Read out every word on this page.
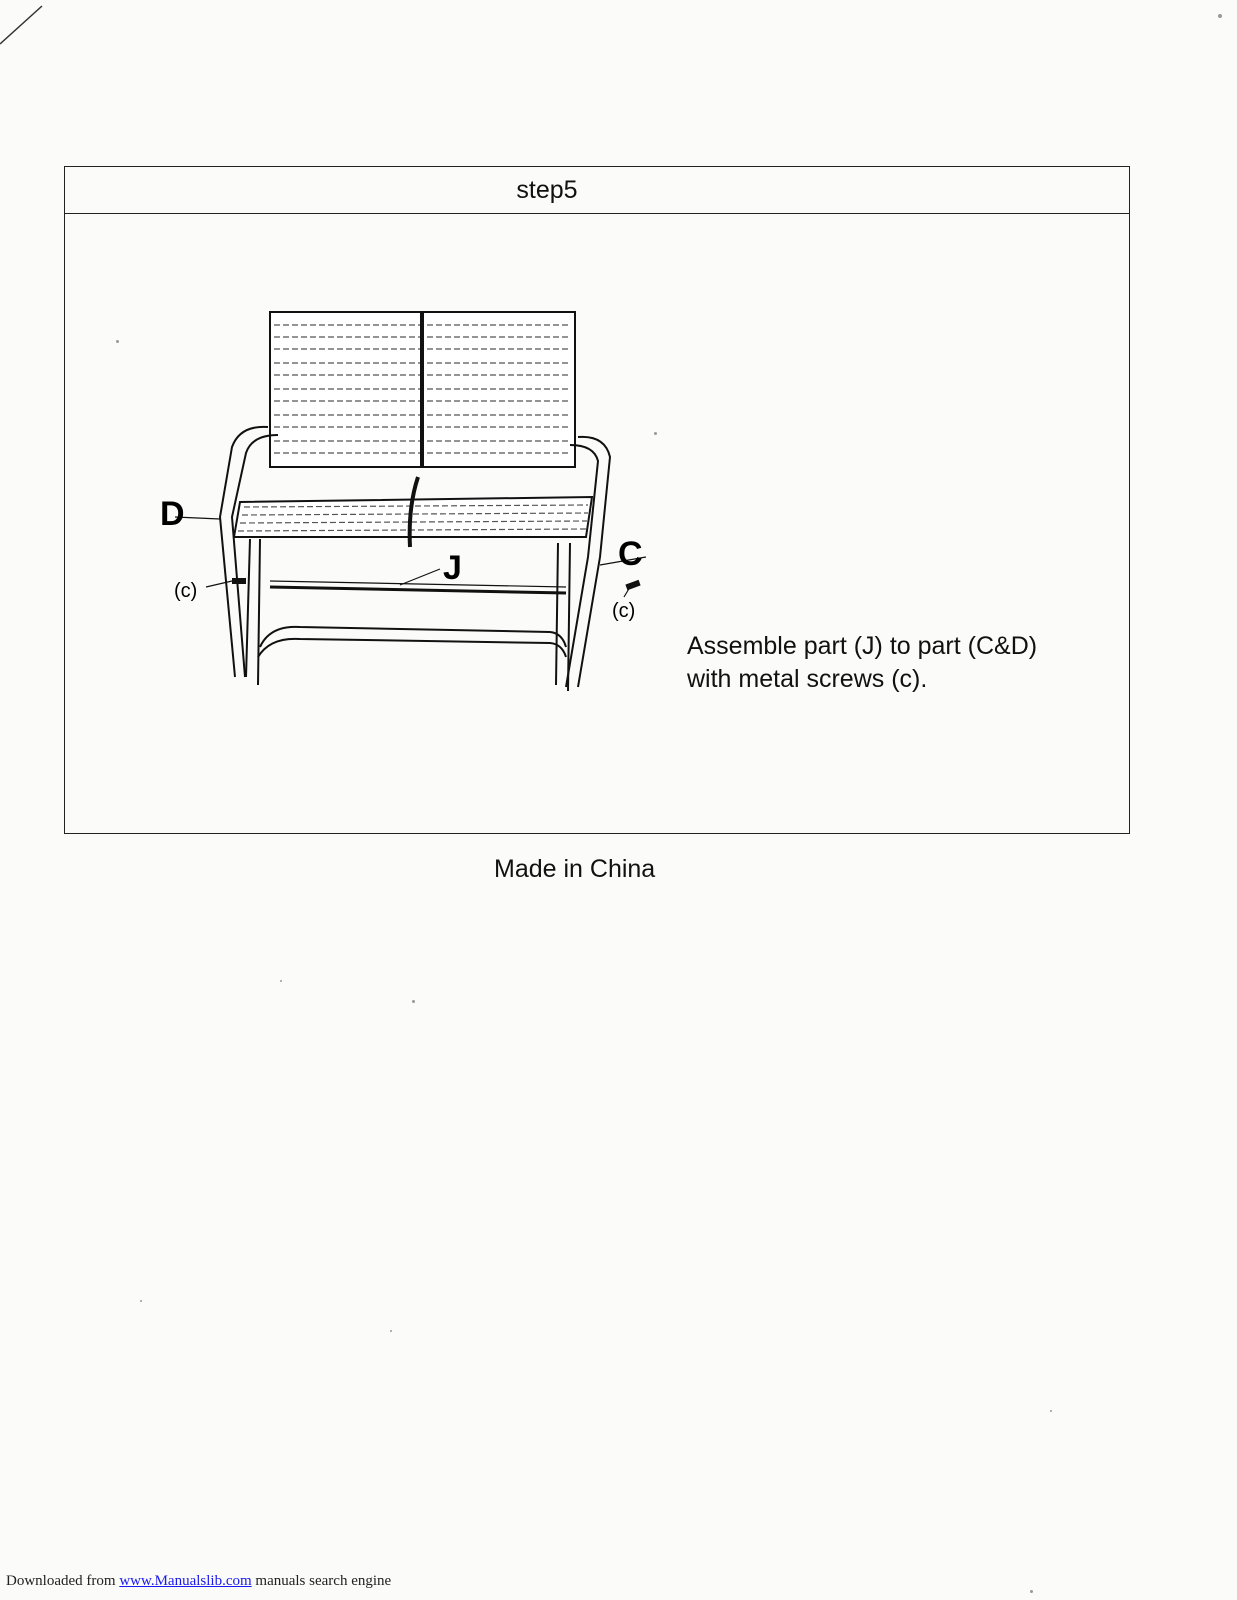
step5
D
C
J
(c)
(c)
Assemble part (J) to part (C&D)
with metal screws (c).
Made in China
Downloaded from www.Manualslib.com manuals search engine
